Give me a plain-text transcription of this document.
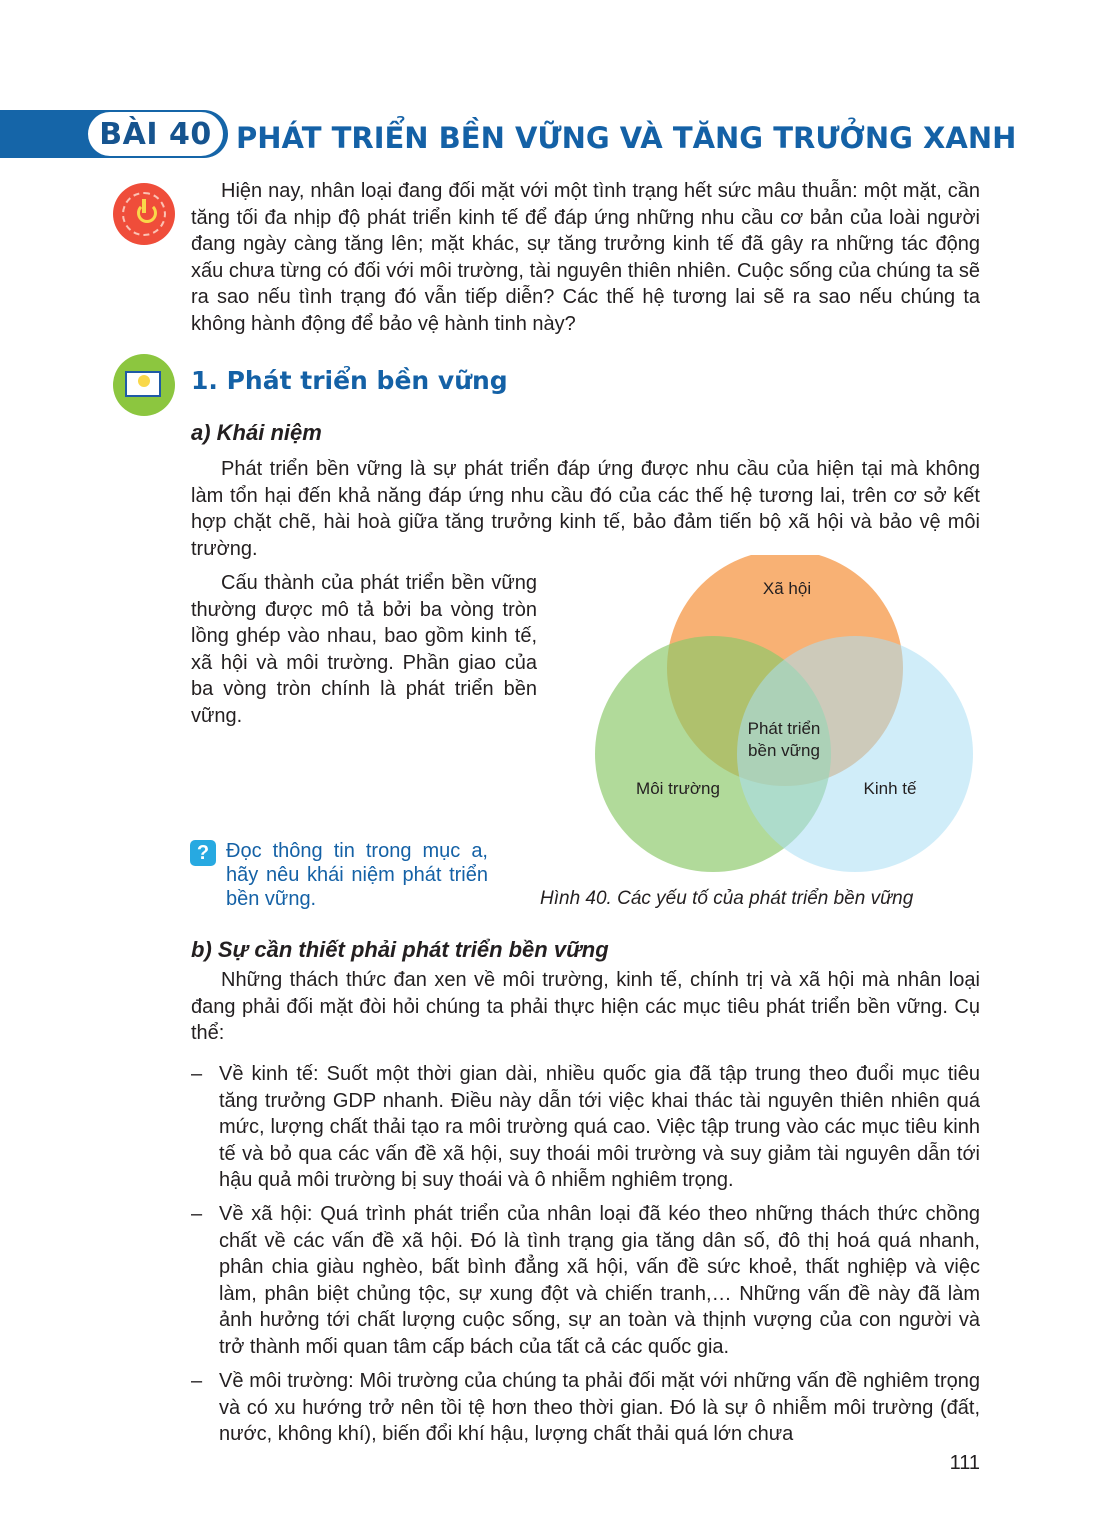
BÀI 40 PHÁT TRIỂN BỀN VỮNG VÀ TĂNG TRƯỞNG XANH

Hiện nay, nhân loại đang đối mặt với một tình trạng hết sức mâu thuẫn: một mặt, cần tăng tối đa nhịp độ phát triển kinh tế để đáp ứng những nhu cầu cơ bản của loài người đang ngày càng tăng lên; mặt khác, sự tăng trưởng kinh tế đã gây ra những tác động xấu chưa từng có đối với môi trường, tài nguyên thiên nhiên. Cuộc sống của chúng ta sẽ ra sao nếu tình trạng đó vẫn tiếp diễn? Các thế hệ tương lai sẽ ra sao nếu chúng ta không hành động để bảo vệ hành tinh này?

1. Phát triển bền vững
a) Khái niệm

Phát triển bền vững là sự phát triển đáp ứng được nhu cầu của hiện tại mà không làm tổn hại đến khả năng đáp ứng nhu cầu đó của các thế hệ tương lai, trên cơ sở kết hợp chặt chẽ, hài hoà giữa tăng trưởng kinh tế, bảo đảm tiến bộ xã hội và bảo vệ môi trường.

Cấu thành của phát triển bền vững thường được mô tả bởi ba vòng tròn lồng ghép vào nhau, bao gồm kinh tế, xã hội và môi trường. Phần giao của ba vòng tròn chính là phát triển bền vững.

? Đọc thông tin trong mục a, hãy nêu khái niệm phát triển bền vững.

Xã hội
Môi trường	Kinh tế
Phát triển
bền vững

Hình 40. Các yếu tố của phát triển bền vững

b) Sự cần thiết phải phát triển bền vững

Những thách thức đan xen về môi trường, kinh tế, chính trị và xã hội mà nhân loại đang phải đối mặt đòi hỏi chúng ta phải thực hiện các mục tiêu phát triển bền vững. Cụ thể:

– Về kinh tế: Suốt một thời gian dài, nhiều quốc gia đã tập trung theo đuổi mục tiêu tăng trưởng GDP nhanh. Điều này dẫn tới việc khai thác tài nguyên thiên nhiên quá mức, lượng chất thải tạo ra môi trường quá cao. Việc tập trung vào các mục tiêu kinh tế và bỏ qua các vấn đề xã hội, suy thoái môi trường và suy giảm tài nguyên dẫn tới hậu quả môi trường bị suy thoái và ô nhiễm nghiêm trọng.

– Về xã hội: Quá trình phát triển của nhân loại đã kéo theo những thách thức chồng chất về các vấn đề xã hội. Đó là tình trạng gia tăng dân số, đô thị hoá quá nhanh, phân chia giàu nghèo, bất bình đẳng xã hội, vấn đề sức khoẻ, thất nghiệp và việc làm, phân biệt chủng tộc, sự xung đột và chiến tranh,… Những vấn đề này đã làm ảnh hưởng tới chất lượng cuộc sống, sự an toàn và thịnh vượng của con người và trở thành mối quan tâm cấp bách của tất cả các quốc gia.

– Về môi trường: Môi trường của chúng ta phải đối mặt với những vấn đề nghiêm trọng và có xu hướng trở nên tồi tệ hơn theo thời gian. Đó là sự ô nhiễm môi trường (đất, nước, không khí), biến đổi khí hậu, lượng chất thải quá lớn chưa

111
